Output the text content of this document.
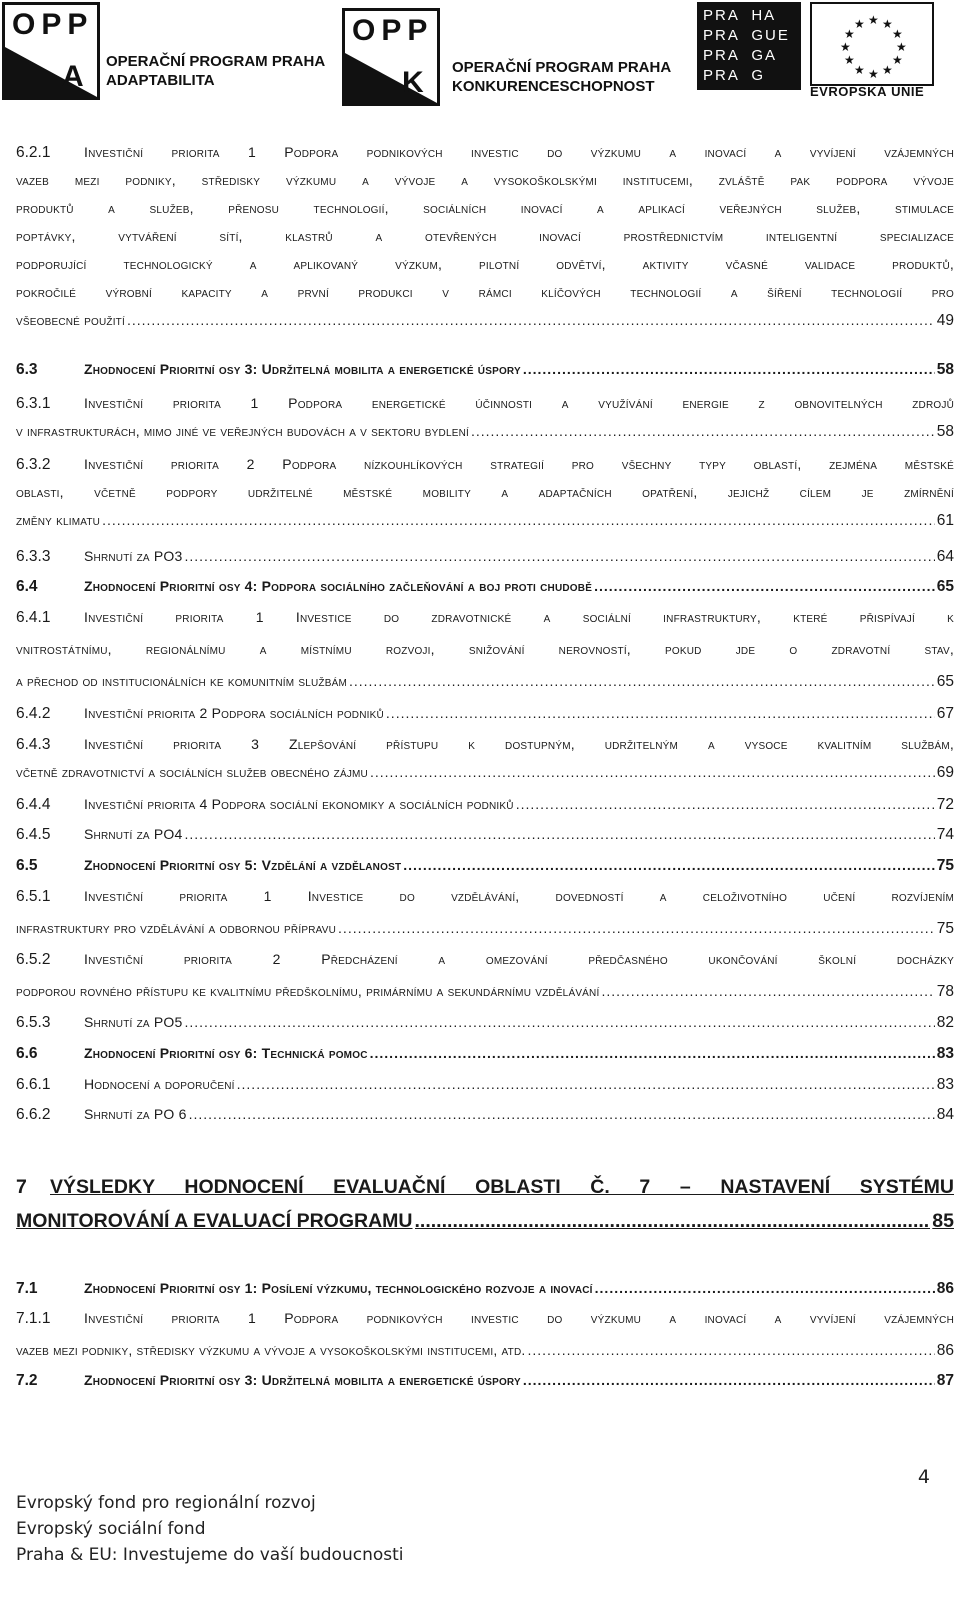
OPP
A OPERAČNÍ PROGRAM PRAHA
ADAPTABILITA
OPP
K OPERAČNÍ PROGRAM PRAHA
KONKURENCESCHOPNOST
PRA  HA
PRA  GUE
PRA  GA
PRA  G
★ ★
★
★
★
★
★
★
★
★
★
★
EVROPSKÁ UNIE
6.2.1 Investiční priorita 1 Podpora podnikových investic do výzkumu a inovací a vyvíjení vzájemných
vazeb mezi podniky, středisky výzkumu a vývoje a vysokoškolskými institucemi, zvláště pak podpora vývoje
produktů a služeb, přenosu technologií, sociálních inovací a aplikací veřejných služeb, stimulace
poptávky, vytváření sítí, klastrů a otevřených inovací prostřednictvím inteligentní specializace
podporující technologický a aplikovaný výzkum, pilotní odvětví, aktivity včasné validace produktů,
pokročilé výrobní kapacity a první produkci v rámci klíčových technologií a šíření technologií pro
všeobecné použití .....	49
6.3	Zhodnocení Prioritní osy 3: Udržitelná mobilita a energetické úspory .....	58
6.3.1 Investiční priorita 1 Podpora energetické účinnosti a využívání energie z obnovitelných zdrojů
v infrastrukturách, mimo jiné ve veřejných budovách a v sektoru bydlení .....	58
6.3.2 Investiční priorita 2 Podpora nízkouhlíkových strategií pro všechny typy oblastí, zejména městské
oblasti, včetně podpory udržitelné městské mobility a adaptačních opatření, jejichž cílem je zmírnění
změny klimatu .....	61
6.3.3	Shrnutí za PO3 .....	64
6.4	Zhodnocení Prioritní osy 4: Podpora sociálního začleňování a boj proti chudobě .....	65
6.4.1 Investiční priorita 1 Investice do zdravotnické a sociální infrastruktury, které přispívají k
vnitrostátnímu, regionálnímu a místnímu rozvoji, snižování nerovností, pokud jde o zdravotní stav,
a přechod od institucionálních ke komunitním službám .....	65
6.4.2	Investiční priorita 2 Podpora sociálních podniků .....	67
6.4.3 Investiční priorita 3 Zlepšování přístupu k dostupným, udržitelným a vysoce kvalitním službám,
včetně zdravotnictví a sociálních služeb obecného zájmu .....	69
6.4.4	Investiční priorita 4 Podpora sociální ekonomiky a sociálních podniků .....	72
6.4.5	Shrnutí za PO4 .....	74
6.5	Zhodnocení Prioritní osy 5: Vzdělání a vzdělanost .....	75
6.5.1 Investiční priorita 1 Investice do vzdělávání, dovedností a celoživotního učení rozvíjením
infrastruktury pro vzdělávání a odbornou přípravu .....	75
6.5.2 Investiční priorita 2 Předcházení a omezování předčasného ukončování školní docházky
podporou rovného přístupu ke kvalitnímu předškolnímu, primárnímu a sekundárnímu vzdělávání .....	78
6.5.3	Shrnutí za PO5 .....	82
6.6	Zhodnocení Prioritní osy 6: Technická pomoc .....	83
6.6.1	Hodnocení a doporučení .....	83
6.6.2	Shrnutí za PO 6 .....	84
7 VÝSLEDKY HODNOCENÍ EVALUAČNÍ OBLASTI Č. 7 – NASTAVENÍ SYSTÉMU
MONITOROVÁNÍ A EVALUACÍ PROGRAMU .....	85
7.1	Zhodnocení Prioritní osy 1: Posílení výzkumu, technologického rozvoje a inovací .....	86
7.1.1 Investiční priorita 1 Podpora podnikových investic do výzkumu a inovací a vyvíjení vzájemných
vazeb mezi podniky, středisky výzkumu a vývoje a vysokoškolskými institucemi, atd. .....	86
7.2	Zhodnocení Prioritní osy 3: Udržitelná mobilita a energetické úspory .....	87
4
Evropský fond pro regionální rozvoj
Evropský sociální fond
Praha & EU: Investujeme do vaší budoucnosti
